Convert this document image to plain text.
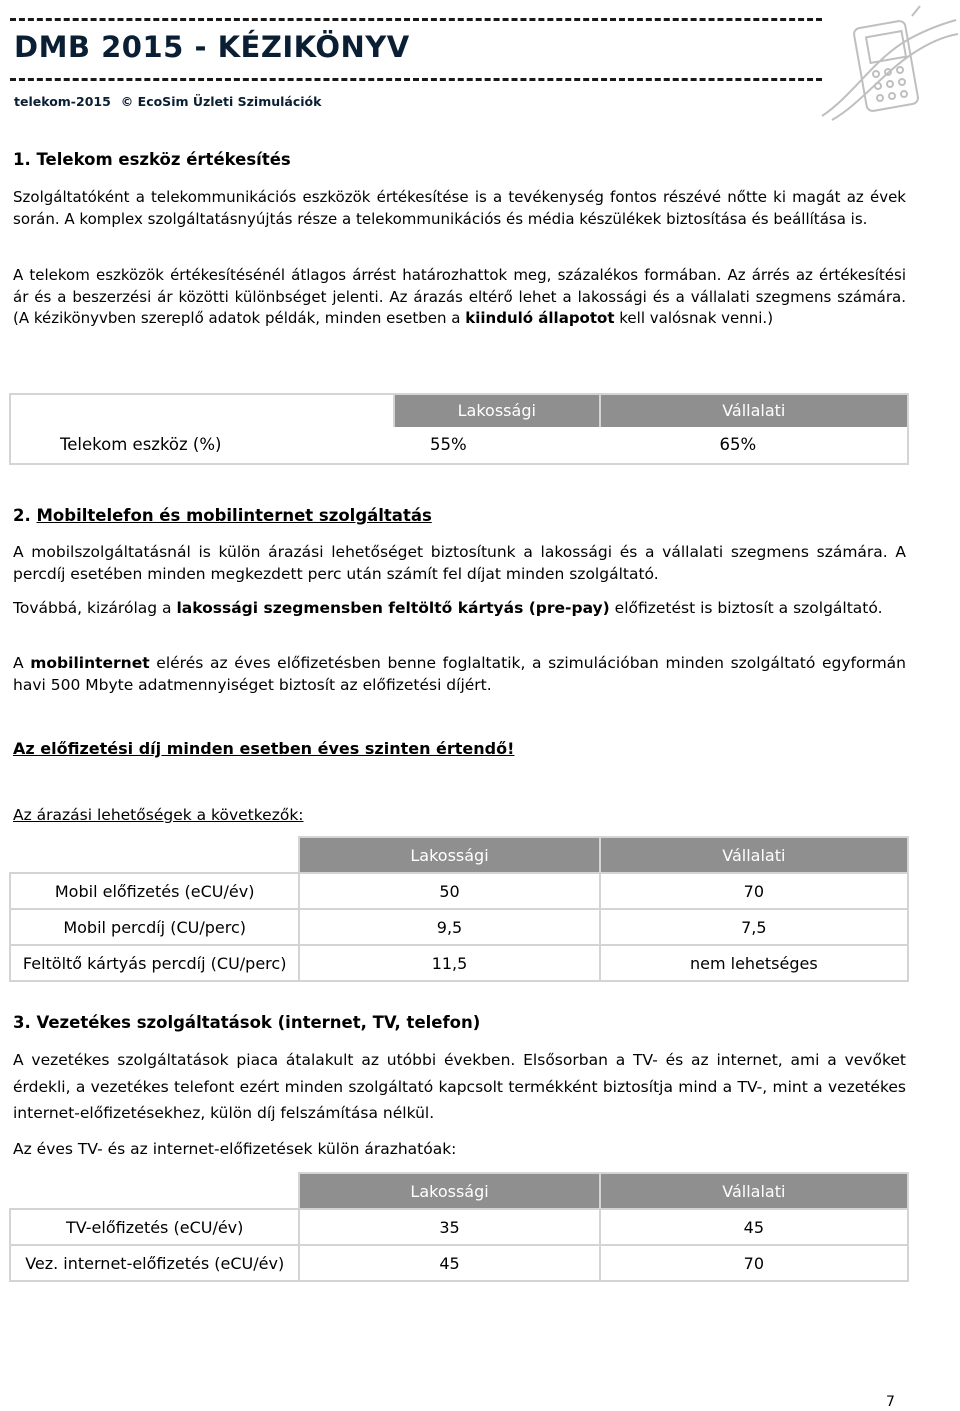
DMB 2015 - KÉZIKÖNYV
telekom-2015 © EcoSim Üzleti Szimulációk
1. Telekom eszköz értékesítés
Szolgáltatóként a telekommunikációs eszközök értékesítése is a tevékenység fontos részévé nőtte ki magát az évek során. A komplex szolgáltatásnyújtás része a telekommunikációs és média készülékek biztosítása és beállítása is.
A telekom eszközök értékesítésénél átlagos árrést határozhattok meg, százalékos formában. Az árrés az értékesítési ár és a beszerzési ár közötti különbséget jelenti. Az árazás eltérő lehet a lakossági és a vállalati szegmens számára. (A kézikönyvben szereplő adatok példák, minden esetben a kiinduló állapotot kell valósnak venni.)
	Lakossági	Vállalati
Telekom eszköz (%)	55%	65%
2. Mobiltelefon és mobilinternet szolgáltatás
A mobilszolgáltatásnál is külön árazási lehetőséget biztosítunk a lakossági és a vállalati szegmens számára. A percdíj esetében minden megkezdett perc után számít fel díjat minden szolgáltató.
Továbbá, kizárólag a lakossági szegmensben feltöltő kártyás (pre-pay) előfizetést is biztosít a szolgáltató.
A mobilinternet elérés az éves előfizetésben benne foglaltatik, a szimulációban minden szolgáltató egyformán havi 500 Mbyte adatmennyiséget biztosít az előfizetési díjért.
Az előfizetési díj minden esetben éves szinten értendő!
Az árazási lehetőségek a következők:
	Lakossági	Vállalati
Mobil előfizetés (eCU/év)	50	70
Mobil percdíj (CU/perc)	9,5	7,5
Feltöltő kártyás percdíj (CU/perc)	11,5	nem lehetséges
3. Vezetékes szolgáltatások (internet, TV, telefon)
A vezetékes szolgáltatások piaca átalakult az utóbbi években. Elsősorban a TV- és az internet, ami a vevőket érdekli, a vezetékes telefont ezért minden szolgáltató kapcsolt termékként biztosítja mind a TV-, mint a vezetékes internet-előfizetésekhez, külön díj felszámítása nélkül.
Az éves TV- és az internet-előfizetések külön árazhatóak:
	Lakossági	Vállalati
TV-előfizetés (eCU/év)	35	45
Vez. internet-előfizetés (eCU/év)	45	70
7
